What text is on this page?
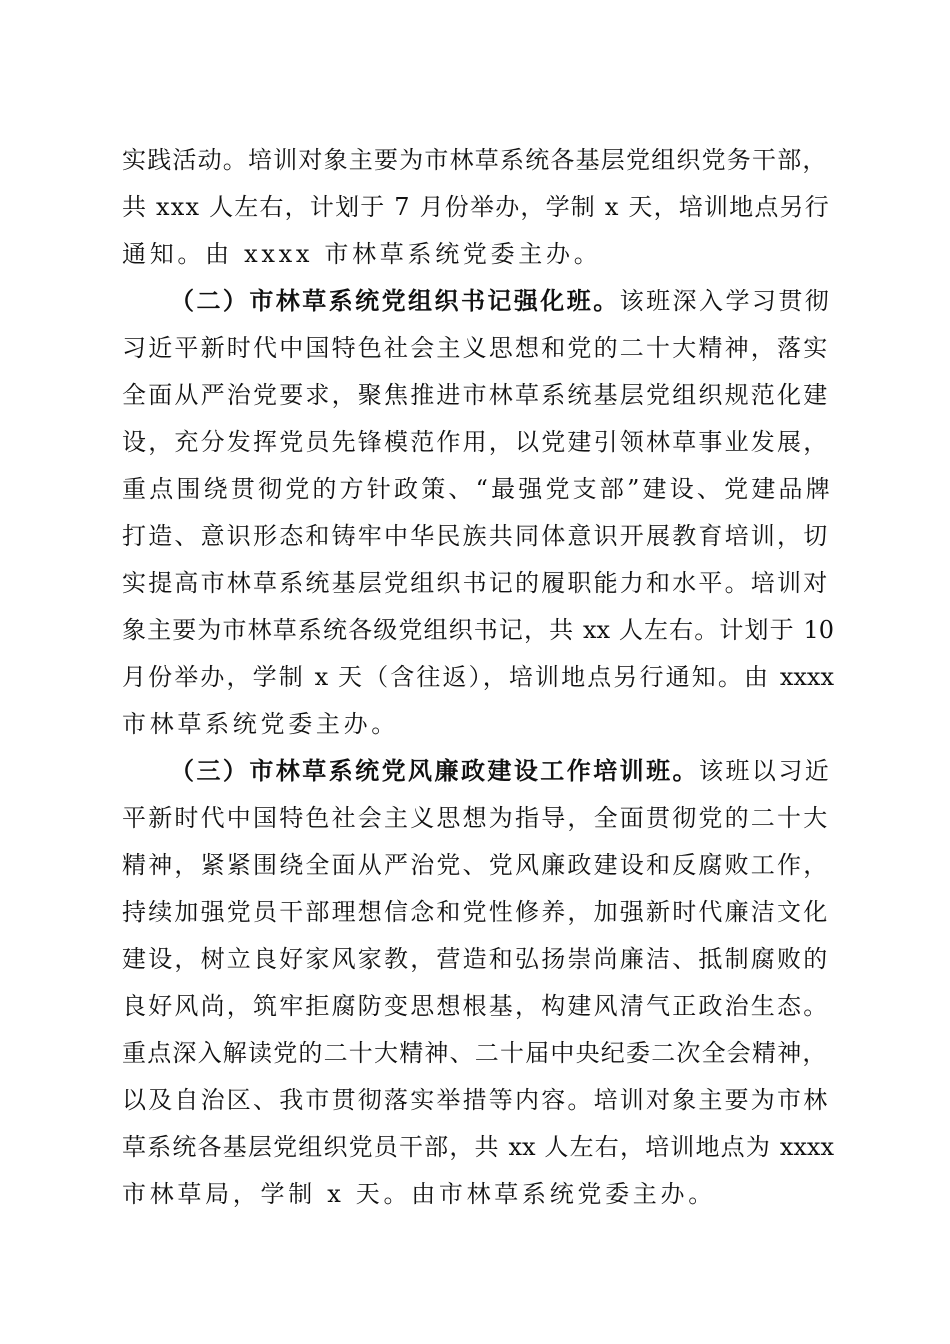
实践活动。培训对象主要为市林草系统各基层党组织党务干部，
共 xxx 人左右，计划于 7 月份举办，学制 x 天，培训地点另行
通知。由 xxxx 市林草系统党委主办。
（二）市林草系统党组织书记强化班。该班深入学习贯彻
习近平新时代中国特色社会主义思想和党的二十大精神，落实
全面从严治党要求，聚焦推进市林草系统基层党组织规范化建
设，充分发挥党员先锋模范作用，以党建引领林草事业发展，
重点围绕贯彻党的方针政策、“最强党支部”建设、党建品牌
打造、意识形态和铸牢中华民族共同体意识开展教育培训，切
实提高市林草系统基层党组织书记的履职能力和水平。培训对
象主要为市林草系统各级党组织书记，共 xx 人左右。计划于 10
月份举办，学制 x 天（含往返），培训地点另行通知。由 xxxx
市林草系统党委主办。
（三）市林草系统党风廉政建设工作培训班。该班以习近
平新时代中国特色社会主义思想为指导，全面贯彻党的二十大
精神，紧紧围绕全面从严治党、党风廉政建设和反腐败工作，
持续加强党员干部理想信念和党性修养，加强新时代廉洁文化
建设，树立良好家风家教，营造和弘扬崇尚廉洁、抵制腐败的
良好风尚，筑牢拒腐防变思想根基，构建风清气正政治生态。
重点深入解读党的二十大精神、二十届中央纪委二次全会精神，
以及自治区、我市贯彻落实举措等内容。培训对象主要为市林
草系统各基层党组织党员干部，共 xx 人左右，培训地点为 xxxx
市林草局，学制 x 天。由市林草系统党委主办。
